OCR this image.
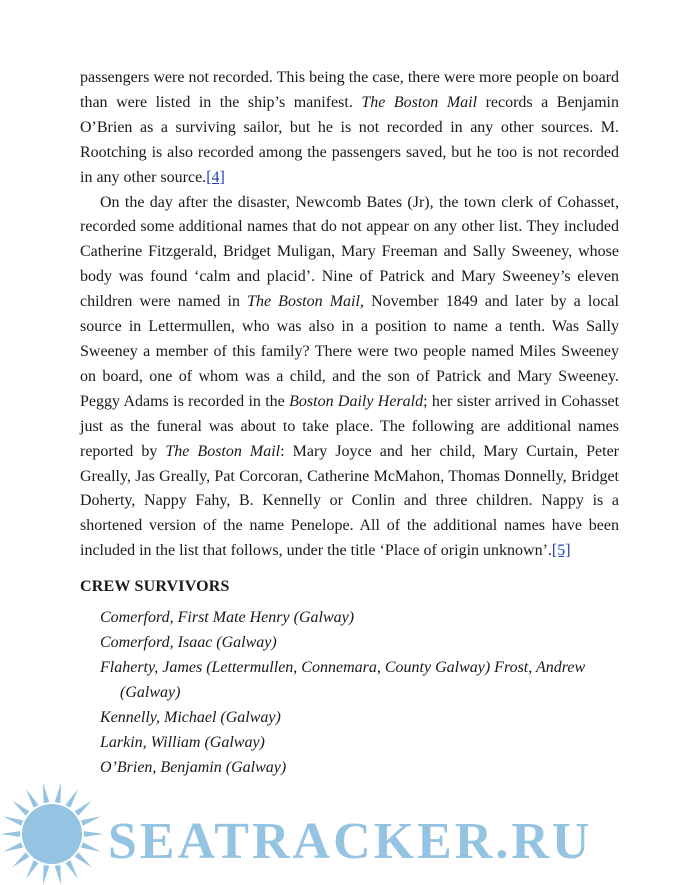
passengers were not recorded. This being the case, there were more people on board than were listed in the ship’s manifest. The Boston Mail records a Benjamin O’Brien as a surviving sailor, but he is not recorded in any other sources. M. Rootching is also recorded among the passengers saved, but he too is not recorded in any other source.[4]

On the day after the disaster, Newcomb Bates (Jr), the town clerk of Cohasset, recorded some additional names that do not appear on any other list. They included Catherine Fitzgerald, Bridget Muligan, Mary Freeman and Sally Sweeney, whose body was found ‘calm and placid’. Nine of Patrick and Mary Sweeney’s eleven children were named in The Boston Mail, November 1849 and later by a local source in Lettermullen, who was also in a position to name a tenth. Was Sally Sweeney a member of this family? There were two people named Miles Sweeney on board, one of whom was a child, and the son of Patrick and Mary Sweeney. Peggy Adams is recorded in the Boston Daily Herald; her sister arrived in Cohasset just as the funeral was about to take place. The following are additional names reported by The Boston Mail: Mary Joyce and her child, Mary Curtain, Peter Greally, Jas Greally, Pat Corcoran, Catherine McMahon, Thomas Donnelly, Bridget Doherty, Nappy Fahy, B. Kennelly or Conlin and three children. Nappy is a shortened version of the name Penelope. All of the additional names have been included in the list that follows, under the title ‘Place of origin unknown’.[5]

CREW SURVIVORS
Comerford, First Mate Henry (Galway)
Comerford, Isaac (Galway)
Flaherty, James (Lettermullen, Connemara, County Galway) Frost, Andrew (Galway)
Kennelly, Michael (Galway)
Larkin, William (Galway)
O’Brien, Benjamin (Galway)
SEATRACKER.RU
